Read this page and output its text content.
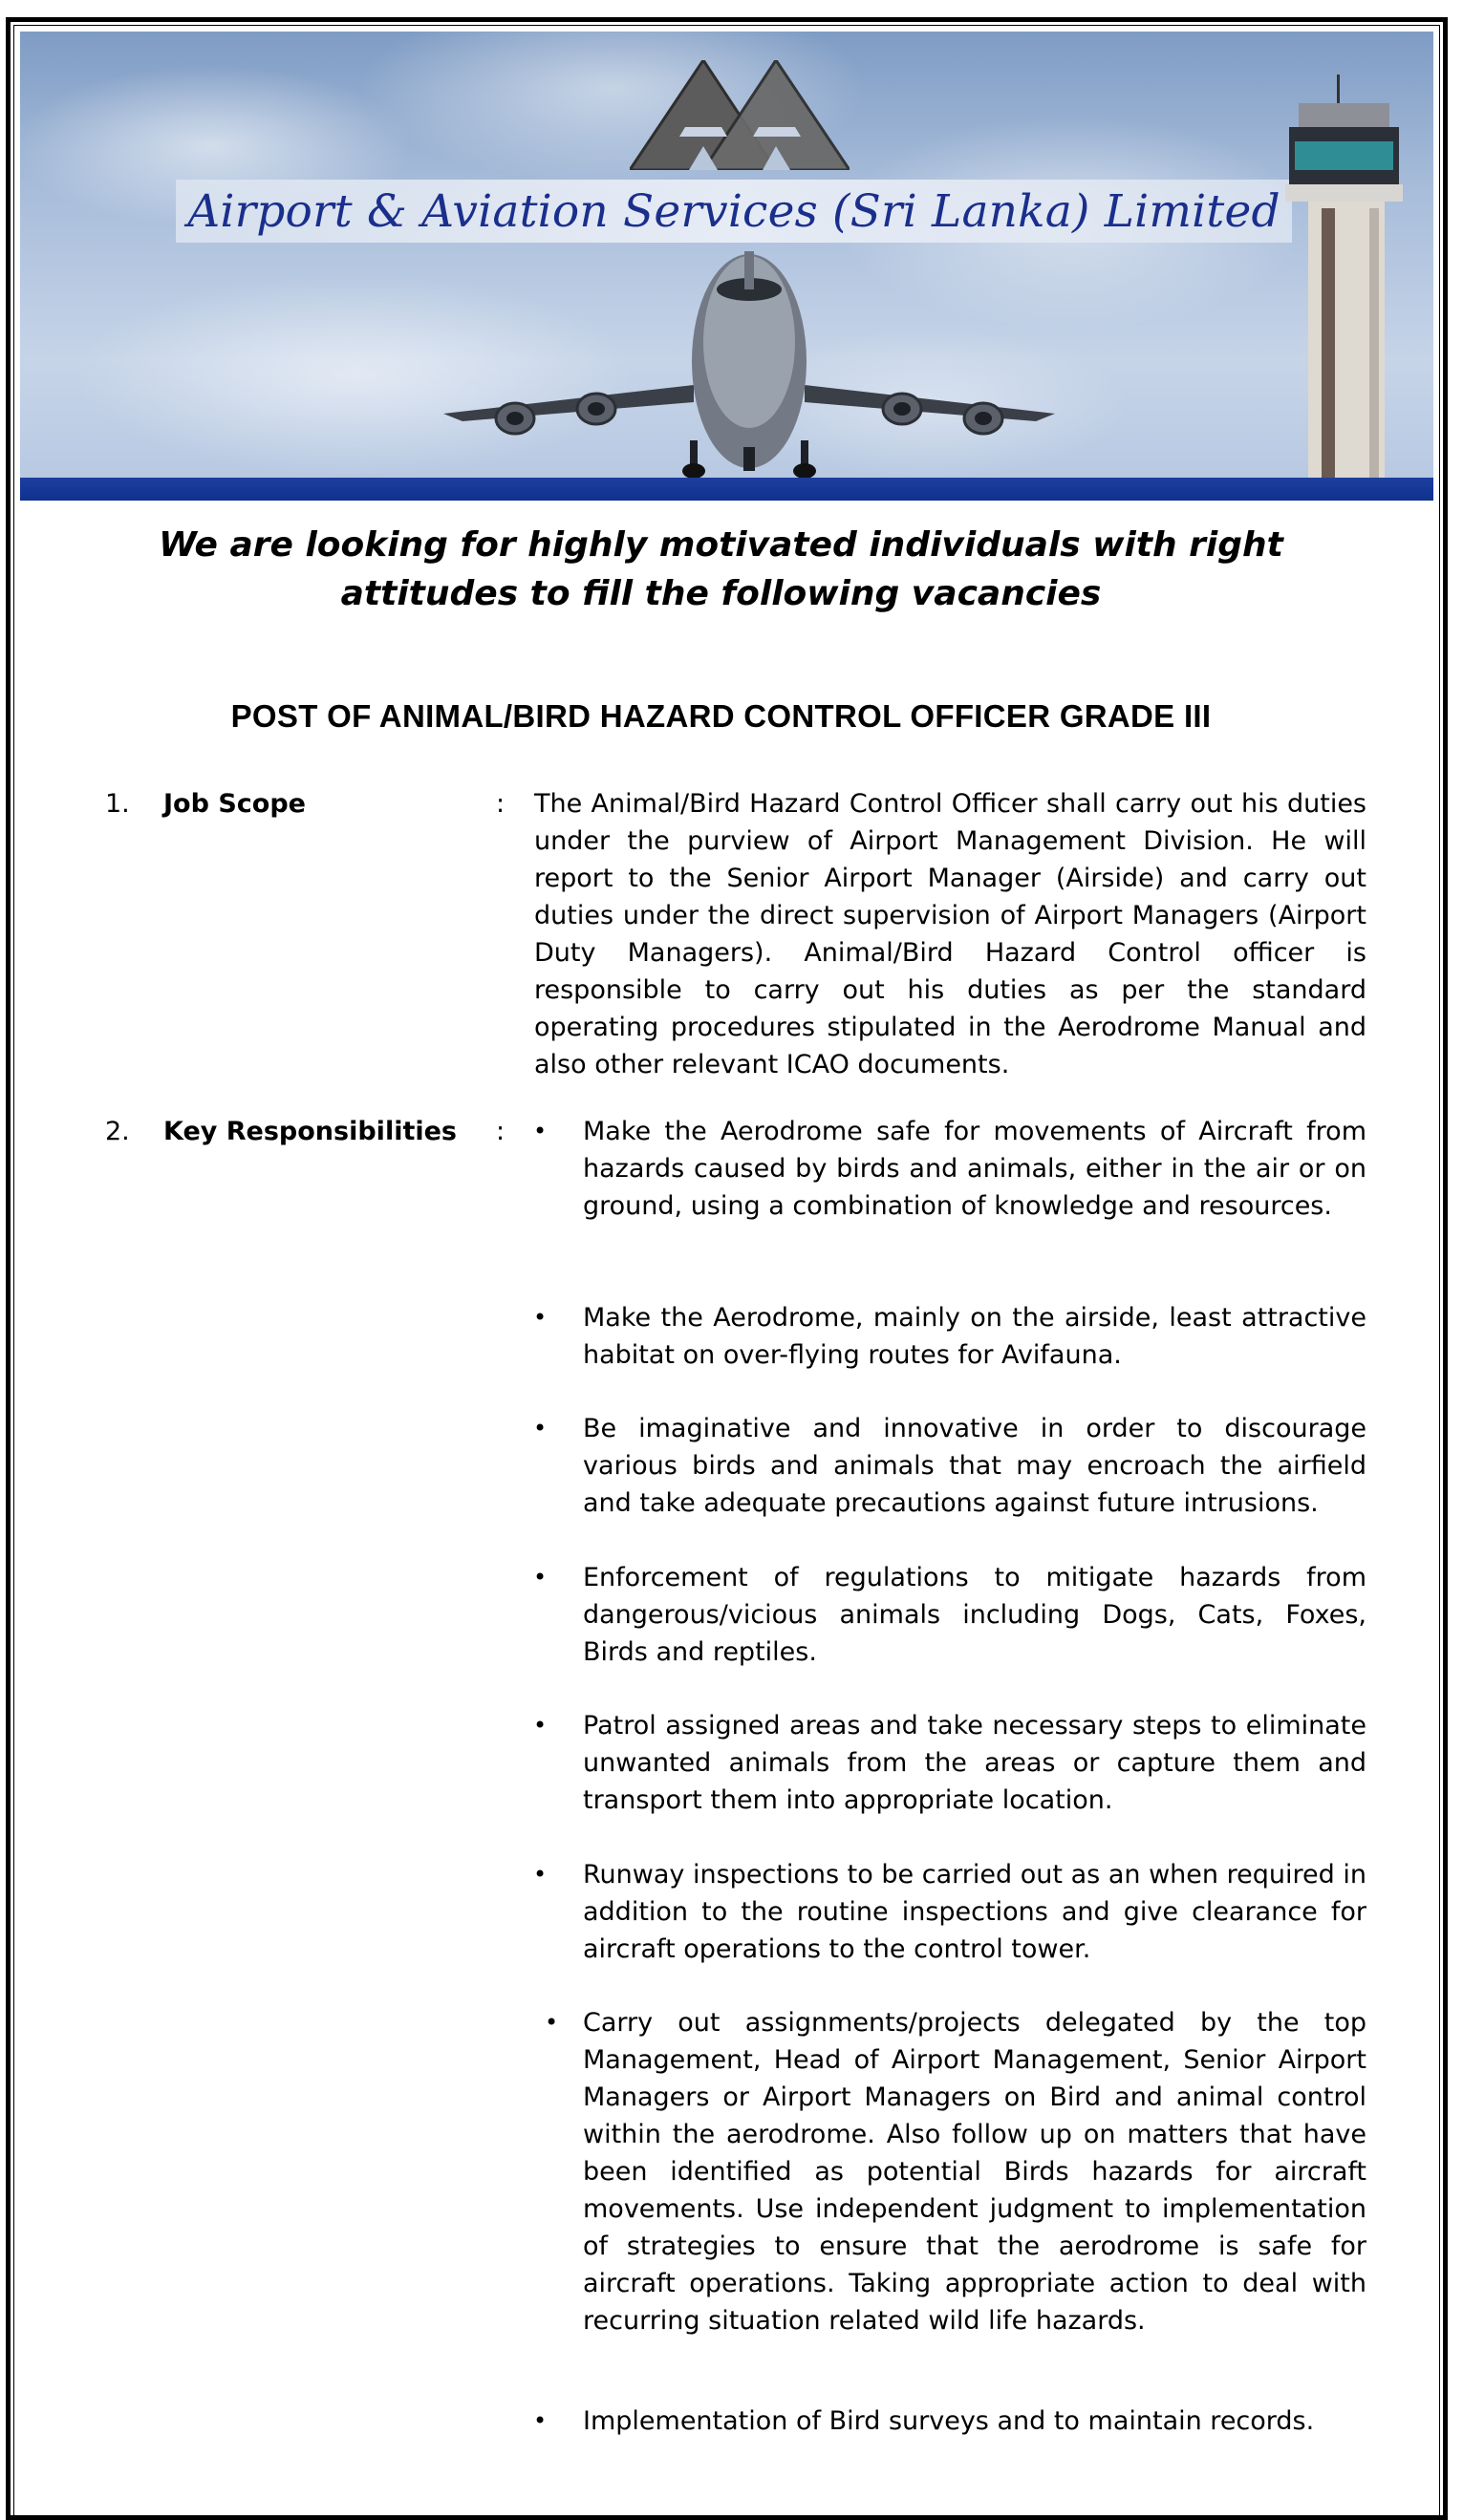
Airport & Aviation Services (Sri Lanka) Limited
We are looking for highly motivated individuals with right
attitudes to fill the following vacancies
POST OF ANIMAL/BIRD HAZARD CONTROL OFFICER GRADE III
1. Job Scope	: The Animal/Bird Hazard Control Officer shall carry out his duties under the purview of Airport Management Division. He will report to the Senior Airport Manager (Airside) and carry out duties under the direct supervision of Airport Managers (Airport Duty Managers). Animal/Bird Hazard Control officer is responsible to carry out his duties as per the standard operating procedures stipulated in the Aerodrome Manual and also other relevant ICAO documents.

2. Key Responsibilities : • Make the Aerodrome safe for movements of Aircraft from hazards caused by birds and animals, either in the air or on ground, using a combination of knowledge and resources.

• Make the Aerodrome, mainly on the airside, least attractive habitat on over-flying routes for Avifauna.

• Be imaginative and innovative in order to discourage various birds and animals that may encroach the airfield and take adequate precautions against future intrusions.

• Enforcement of regulations to mitigate hazards from dangerous/vicious animals including Dogs, Cats, Foxes, Birds and reptiles.

• Patrol assigned areas and take necessary steps to eliminate unwanted animals from the areas or capture them and transport them into appropriate location.

• Runway inspections to be carried out as an when required in addition to the routine inspections and give clearance for aircraft operations to the control tower.

• Carry out assignments/projects delegated by the top Management, Head of Airport Management, Senior Airport Managers or Airport Managers on Bird and animal control within the aerodrome. Also follow up on matters that have been identified as potential Birds hazards for aircraft movements. Use independent judgment to implementation of strategies to ensure that the aerodrome is safe for aircraft operations. Taking appropriate action to deal with recurring situation related wild life hazards.

• Implementation of Bird surveys and to maintain records.
